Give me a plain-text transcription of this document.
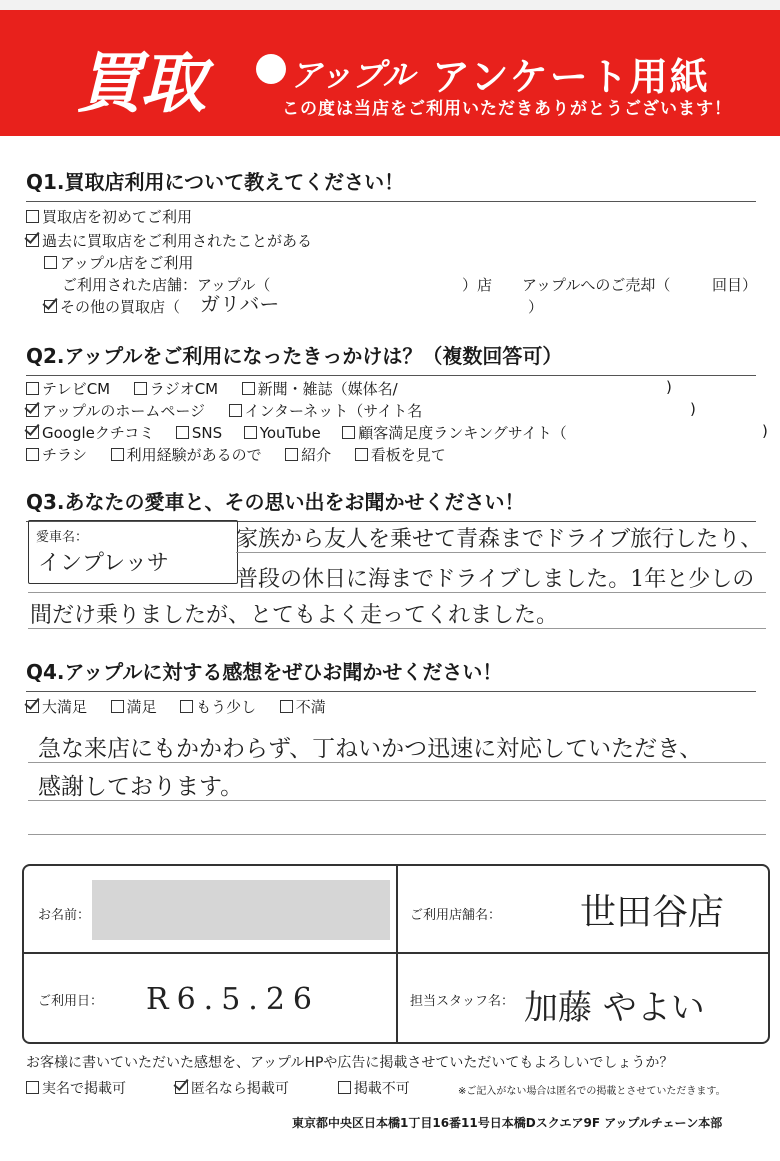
買取	アップル アンケート用紙
この度は当店をご利用いただきありがとうございます！
Q1.買取店利用について教えてください！
買取店を初めてご利用
過去に買取店をご利用されたことがある
アップル店をご利用
ご利用された店舗：アップル（	）店 アップルへのご売却（	回目）
その他の買取店（ ガリバー	）
Q2.アップルをご利用になったきっかけは？（複数回答可）
テレビCM	ラジオCM	新聞・雑誌（媒体名/	)
アップルのホームページ	インターネット（サイト名	)
Googleクチコミ	SNS	YouTube	顧客満足度ランキングサイト（	)
チラシ	利用経験があるので	紹介	看板を見て
Q3.あなたの愛車と、その思い出をお聞かせください！
愛車名：
インプレッサ
家族から友人を乗せて青森までドライブ旅行したり、
普段の休日に海までドライブしました。1年と少しの
間だけ乗りましたが、とてもよく走ってくれました。
Q4.アップルに対する感想をぜひお聞かせください！
大満足	満足	もう少し	不満
急な来店にもかかわらず、丁ねいかつ迅速に対応していただき、
感謝しております。
お名前：	ご利用店舗名： 世田谷店
ご利用日： R6.5.26	担当スタッフ名： 加藤 やよい
お客様に書いていただいた感想を、アップルHPや広告に掲載させていただいてもよろしいでしょうか？
実名で掲載可	匿名なら掲載可	掲載不可	※ご記入がない場合は匿名での掲載とさせていただきます。
東京都中央区日本橋1丁目16番11号日本橋Dスクエア9F アップルチェーン本部
